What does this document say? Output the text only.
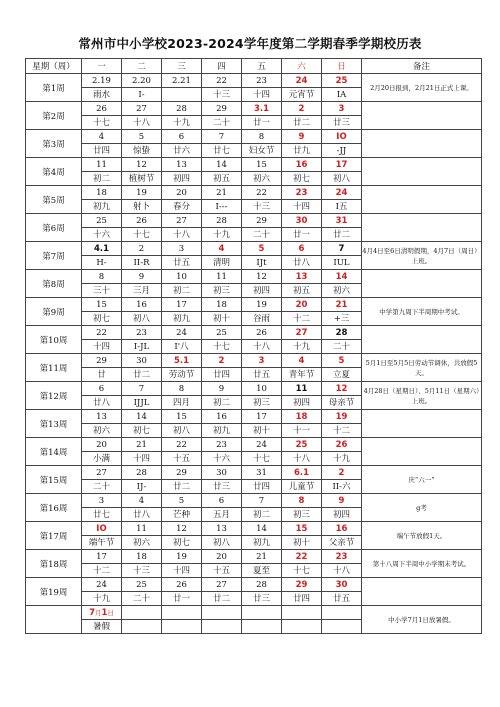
常州市中小学校2023-2024学年度第二学期春季学期校历表
星期（周）	一	二	三	四	五	六	日	备注
第1周	2.19	2.20	2.21	22	23	24	25	2月20日报到，2月21日正式上课。
	雨水	I-		十三	十四	元宵节	IA	
第2周	26	27	28	29	3.1	2	3	
	十七	十八	十九	二十	廿一	廿二	廿三	
第3周	4	5	6	7	8	9	IO	
	廿四	惊蛰	廿六	廿七	妇女节	廿九	-JJ	
第4周	11	12	13	14	15	16	17	
	初二	植树节	初四	初五	初六	初七	初八	
第5周	18	19	20	21	22	23	24	
	初九	射卜	春分	I---	十三	十四	I五	
第6周	25	26	27	28	29	30	31	
	十六	十七	十八	十九	二十	廿一	廿二	
第7周	4.1	2	3	4	5	6	7	4月4日至6日清明假期，4月7日（周日）上班。
	H-	II-R	廿五	清明	IJt	廿八	IUL	
第8周	8	9	10	11	12	13	14	
	三十	三月	初二	初三	初四	初五	初六	
第9周	15	16	17	18	19	20	21	中学第九周下半周期中考试。
	初七	初八	初九	初十	谷雨	十二	+三	
第10周	22	23	24	25	26	27	28	
	十四	I-JL	I'八	十七	十八	十九	二十	
第11周	29	30	5.1	2	3	4	5	5月1日至5月5日劳动节调休，共放假5天。
	廿	廿二	劳动节	廿四	廿五	青年节	立夏	
第12周	6	7	8	9	10	11	12	4月28日（星期日）、5月11日（星期六）上班。
	廿八	IJJL	四月	初二	初三	初四	母亲节	
第13周	13	14	15	16	17	18	19	
	初六	初七	初八	初九	初十	十一	十二	
第14周	20	21	22	23	24	25	26	
	小满	十四	十五	十六	十七	十八	十九	
第15周	27	28	29	30	31	6.1	2	庆“六一”
	二十	IJ-	廿二	廿三	廿四	儿童节	II-六	
第16周	3	4	5	6	7	8	9	g考
	廿七	廿八	芒种	五月	初二	初三	初四	
第17周	IO	11	12	13	14	15	16	端午节放假1天。
	端午节	初六	初七	初八	初九	初十	父亲节	
第18周	17	18	19	20	21	22	23	第十八周下半周中小学期末考试。
	十二	十三	十四	十五	夏至	十七	十八	
第19周	24	25	26	27	28	29	30	
	十九	二十	廿一	廿二	廿三	廿四	廿五	
	7月1日							中小学7月1日放暑假。
	暑假							
